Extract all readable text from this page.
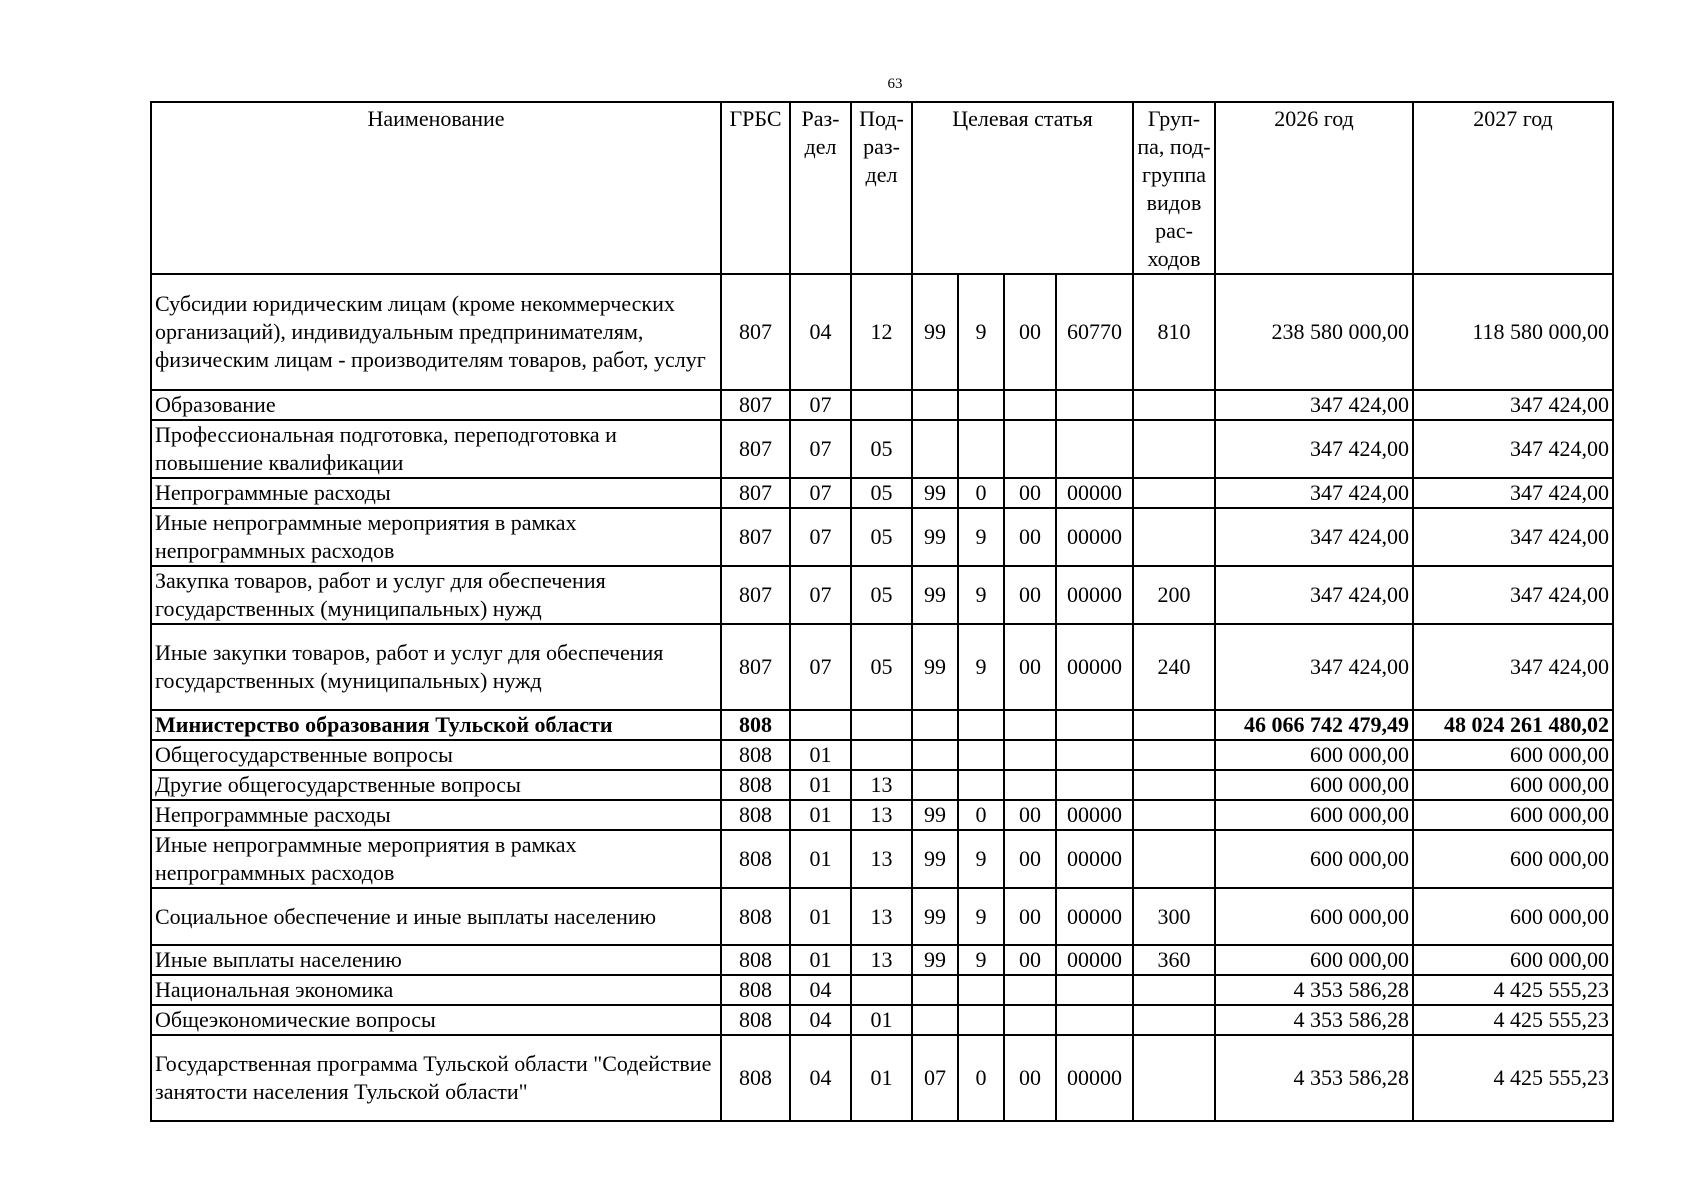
63
Наименование	ГРБС	Раз-дел	Под-раз-дел	Целевая статья				Груп-па, под-группа видов рас-ходов	2026 год	2027 год
Субсидии юридическим лицам (кроме некоммерческих организаций), индивидуальным предпринимателям, физическим лицам - производителям товаров, работ, услуг	807	04	12	99	9	00	60770	810	238 580 000,00	118 580 000,00
Образование	807	07							347 424,00	347 424,00
Профессиональная подготовка, переподготовка и повышение квалификации	807	07	05						347 424,00	347 424,00
Непрограммные расходы	807	07	05	99	0	00	00000		347 424,00	347 424,00
Иные непрограммные мероприятия в рамках непрограммных расходов	807	07	05	99	9	00	00000		347 424,00	347 424,00
Закупка товаров, работ и услуг для обеспечения государственных (муниципальных) нужд	807	07	05	99	9	00	00000	200	347 424,00	347 424,00
Иные закупки товаров, работ и услуг для обеспечения государственных (муниципальных) нужд	807	07	05	99	9	00	00000	240	347 424,00	347 424,00
Министерство образования Тульской области	808								46 066 742 479,49	48 024 261 480,02
Общегосударственные вопросы	808	01							600 000,00	600 000,00
Другие общегосударственные вопросы	808	01	13						600 000,00	600 000,00
Непрограммные расходы	808	01	13	99	0	00	00000		600 000,00	600 000,00
Иные непрограммные мероприятия в рамках непрограммных расходов	808	01	13	99	9	00	00000		600 000,00	600 000,00
Социальное обеспечение и иные выплаты населению	808	01	13	99	9	00	00000	300	600 000,00	600 000,00
Иные выплаты населению	808	01	13	99	9	00	00000	360	600 000,00	600 000,00
Национальная экономика	808	04							4 353 586,28	4 425 555,23
Общеэкономические вопросы	808	04	01						4 353 586,28	4 425 555,23
Государственная программа Тульской области "Содействие занятости населения Тульской области"	808	04	01	07	0	00	00000		4 353 586,28	4 425 555,23
